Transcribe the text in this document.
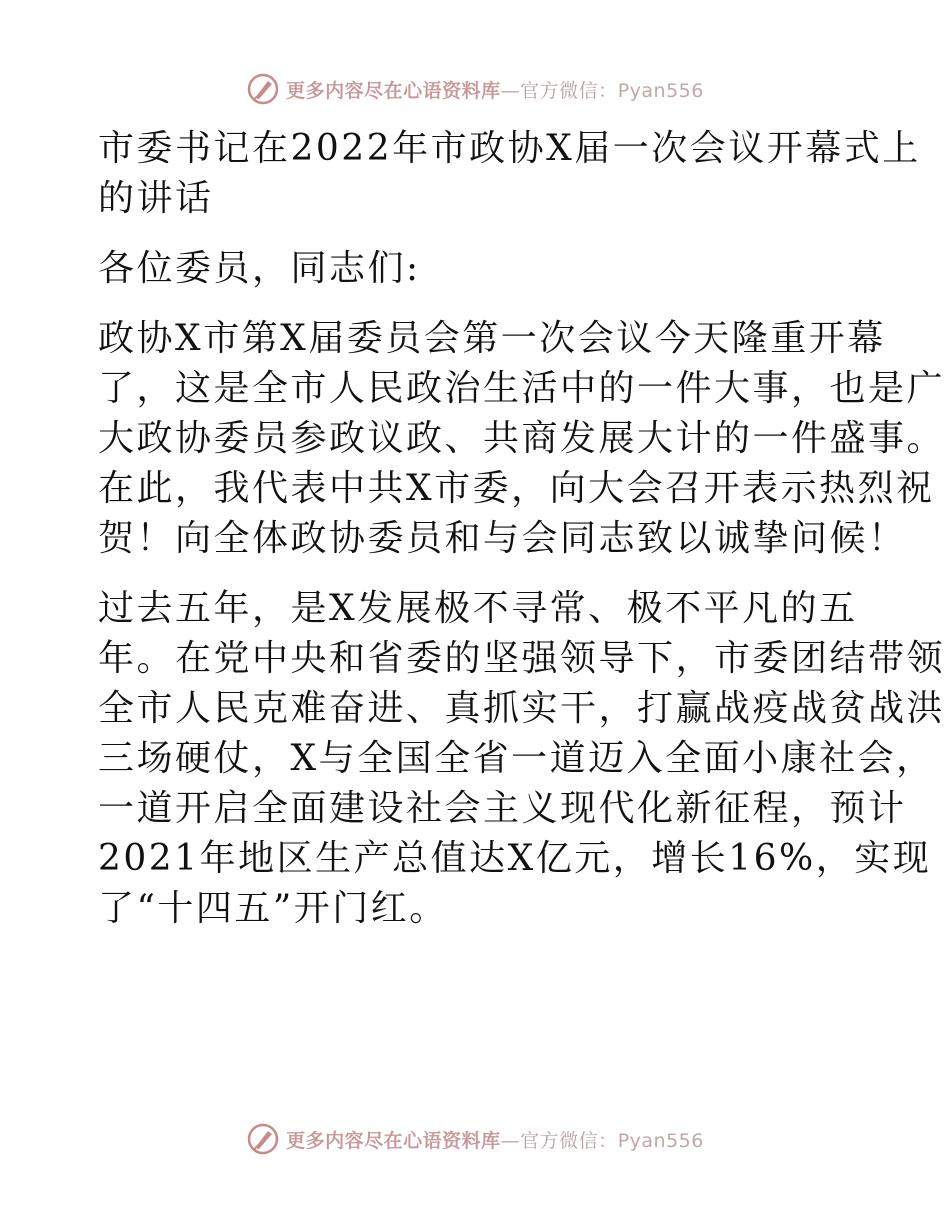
更多内容尽在心语资料库—官方微信：Pyan556
市委书记在2022年市政协X届一次会议开幕式上
的讲话
各位委员，同志们:
政协X市第X届委员会第一次会议今天隆重开幕
了，这是全市人民政治生活中的一件大事，也是广
大政协委员参政议政、共商发展大计的一件盛事。
在此，我代表中共X市委，向大会召开表示热烈祝
贺！向全体政协委员和与会同志致以诚挚问候！
过去五年，是X发展极不寻常、极不平凡的五
年。在党中央和省委的坚强领导下，市委团结带领
全市人民克难奋进、真抓实干，打赢战疫战贫战洪
三场硬仗，X与全国全省一道迈入全面小康社会，
一道开启全面建设社会主义现代化新征程，预计
2021年地区生产总值达X亿元，增长16%，实现
了“十四五”开门红。
更多内容尽在心语资料库—官方微信：Pyan556
